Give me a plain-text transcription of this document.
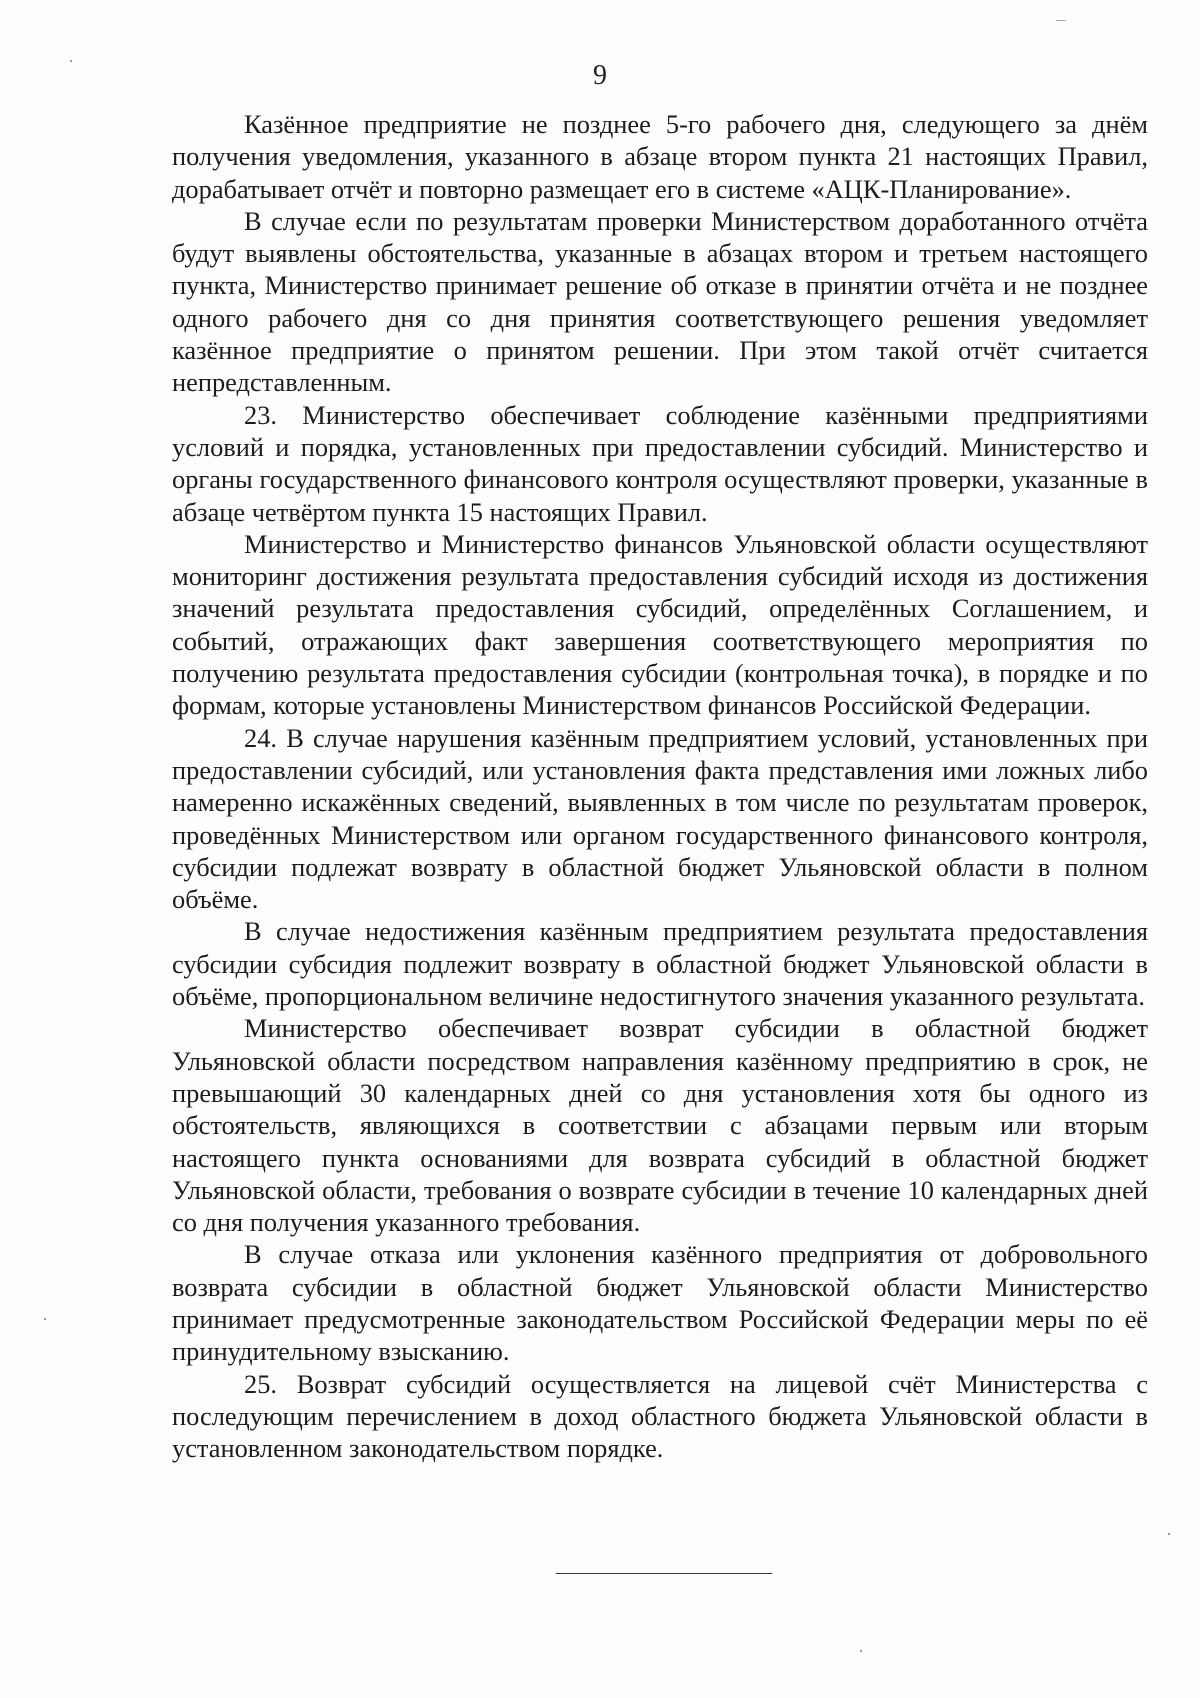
9

Казённое предприятие не позднее 5-го рабочего дня, следующего за днём получения уведомления, указанного в абзаце втором пункта 21 настоящих Правил, дорабатывает отчёт и повторно размещает его в системе «АЦК-Планирование».

В случае если по результатам проверки Министерством доработанного отчёта будут выявлены обстоятельства, указанные в абзацах втором и третьем настоящего пункта, Министерство принимает решение об отказе в принятии отчёта и не позднее одного рабочего дня со дня принятия соответствующего решения уведомляет казённое предприятие о принятом решении. При этом такой отчёт считается непредставленным.

23. Министерство обеспечивает соблюдение казёнными предприятиями условий и порядка, установленных при предоставлении субсидий. Министерство и органы государственного финансового контроля осуществляют проверки, указанные в абзаце четвёртом пункта 15 настоящих Правил.

Министерство и Министерство финансов Ульяновской области осуществляют мониторинг достижения результата предоставления субсидий исходя из достижения значений результата предоставления субсидий, определённых Соглашением, и событий, отражающих факт завершения соответствующего мероприятия по получению результата предоставления субсидии (контрольная точка), в порядке и по формам, которые установлены Министерством финансов Российской Федерации.

24. В случае нарушения казённым предприятием условий, установленных при предоставлении субсидий, или установления факта представления ими ложных либо намеренно искажённых сведений, выявленных в том числе по результатам проверок, проведённых Министерством или органом государственного финансового контроля, субсидии подлежат возврату в областной бюджет Ульяновской области в полном объёме.

В случае недостижения казённым предприятием результата предоставления субсидии субсидия подлежит возврату в областной бюджет Ульяновской области в объёме, пропорциональном величине недостигнутого значения указанного результата.

Министерство обеспечивает возврат субсидии в областной бюджет Ульяновской области посредством направления казённому предприятию в срок, не превышающий 30 календарных дней со дня установления хотя бы одного из обстоятельств, являющихся в соответствии с абзацами первым или вторым настоящего пункта основаниями для возврата субсидий в областной бюджет Ульяновской области, требования о возврате субсидии в течение 10 календарных дней со дня получения указанного требования.

В случае отказа или уклонения казённого предприятия от добровольного возврата субсидии в областной бюджет Ульяновской области Министерство принимает предусмотренные законодательством Российской Федерации меры по её принудительному взысканию.

25. Возврат субсидий осуществляется на лицевой счёт Министерства с последующим перечислением в доход областного бюджета Ульяновской области в установленном законодательством порядке.
